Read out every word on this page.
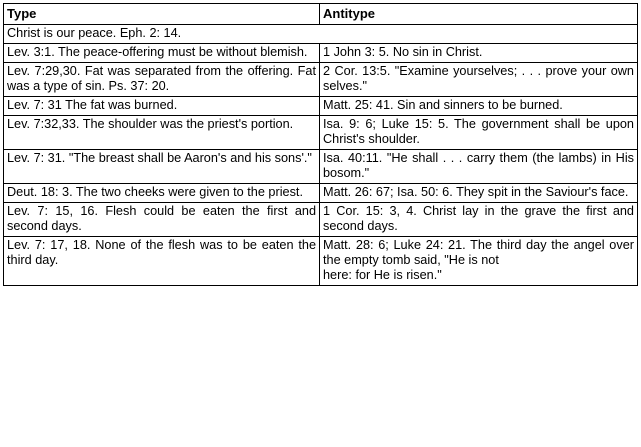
Type	Antitype
Christ is our peace. Eph. 2: 14.	
Lev. 3:1. The peace-offering must be without blemish.	1 John 3: 5. No sin in Christ.
Lev. 7:29,30. Fat was separated from the offering. Fat was a type of sin. Ps. 37: 20.	2 Cor. 13:5. "Examine yourselves; . . . prove your own selves."
Lev. 7: 31 The fat was burned.	Matt. 25: 41. Sin and sinners to be burned.
Lev. 7:32,33. The shoulder was the priest's portion.	Isa. 9: 6; Luke 15: 5. The government shall be upon Christ's shoulder.
Lev. 7: 31. "The breast shall be Aaron's and his sons'."	Isa. 40:11. "He shall . . . carry them (the lambs) in His bosom."
Deut. 18: 3. The two cheeks were given to the priest.	Matt. 26: 67; Isa. 50: 6. They spit in the Saviour's face.
Lev. 7: 15, 16. Flesh could be eaten the first and second days.	1 Cor. 15: 3, 4. Christ lay in the grave the first and second days.
Lev. 7: 17, 18. None of the flesh was to be eaten the third day.	Matt. 28: 6; Luke 24: 21. The third day the angel over the empty tomb said, "He is not

here: for He is risen."
